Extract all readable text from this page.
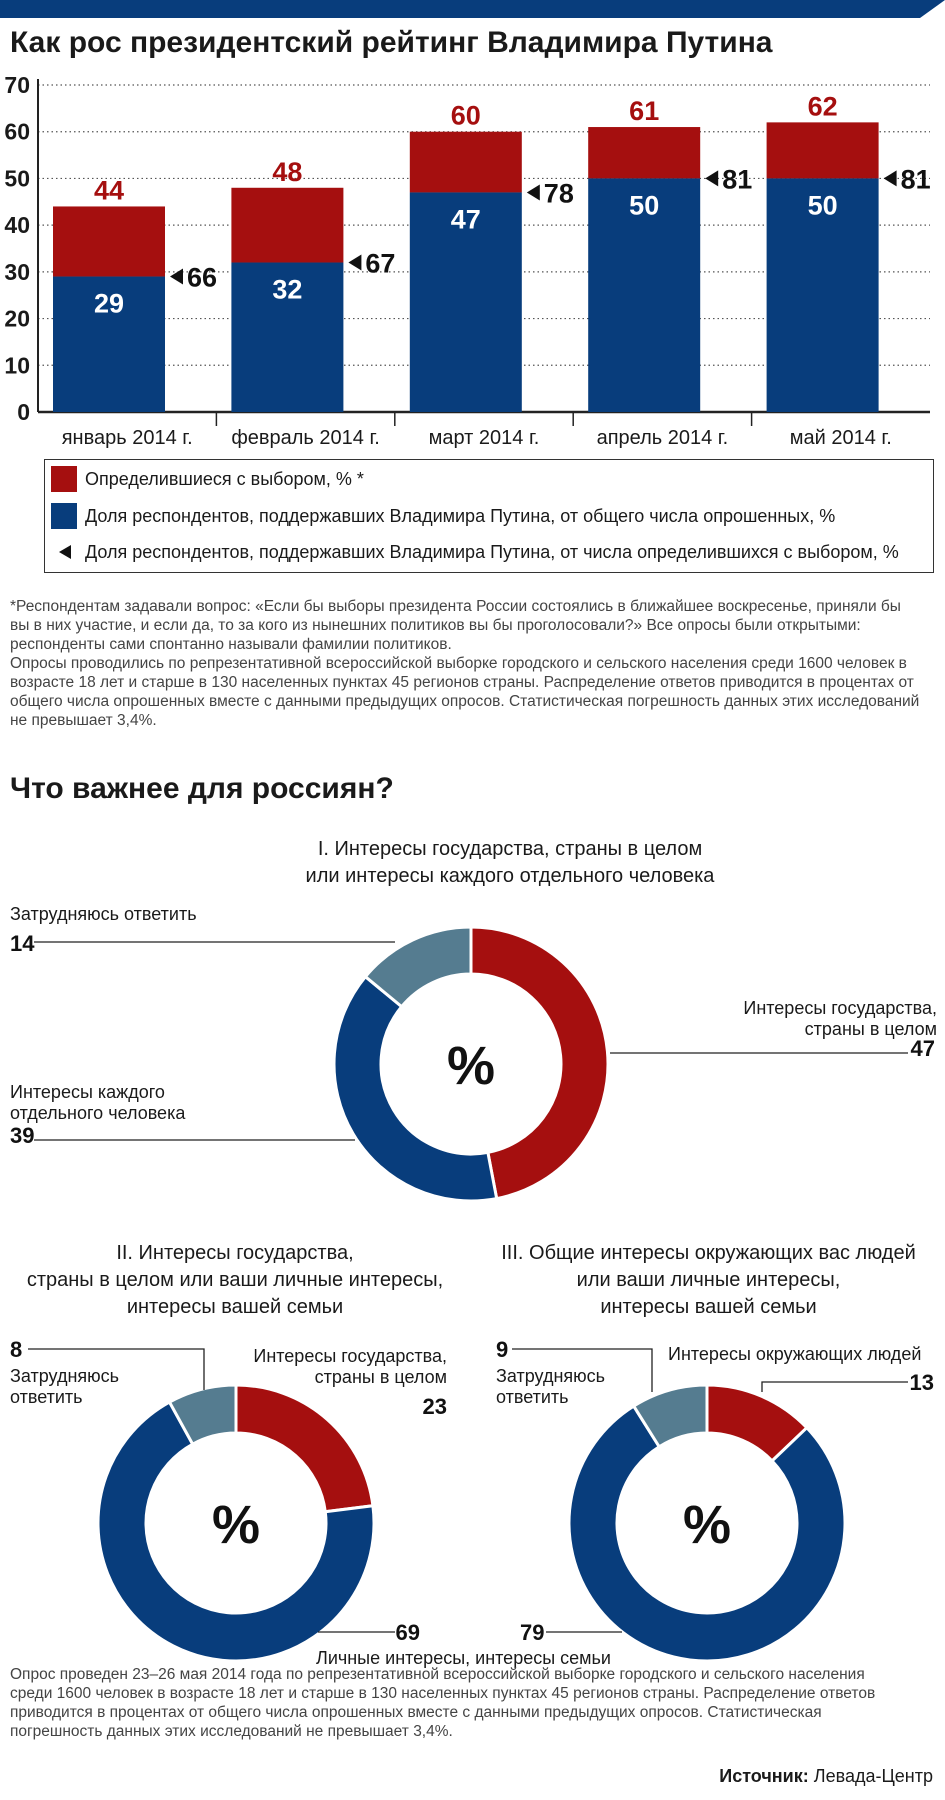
Как рос президентский рейтинг Владимира Путина
0
10
20
30
40
50
60
70
44
29
66
январь 2014 г.
48
32
67
февраль 2014 г.
60
47
78
март 2014 г.
61
50
81
апрель 2014 г.
62
50
81
май 2014 г.
Определившиеся с выбором, % *
Доля респондентов, поддержавших Владимира Путина, от общего числа опрошенных, %
Доля респондентов, поддержавших Владимира Путина, от числа определившихся с выбором, %

*Респондентам задавали вопрос: «Если бы выборы президента России состоялись в ближайшее воскресенье, приняли бы вы в них участие, и если да, то за кого из нынешних политиков вы бы проголосовали?» Все опросы были открытыми: респонденты сами спонтанно называли фамилии политиков.

Опросы проводились по репрезентативной всероссийской выборке городского и сельского населения среди 1600 человек в возрасте 18 лет и старше в 130 населенных пунктах 45 регионов страны. Распределение ответов приводится в процентах от общего числа опрошенных вместе с данными предыдущих опросов. Статистическая погрешность данных этих исследований не превышает 3,4%.

Что важнее для россиян?
I. Интересы государства, страны в целом
или интересы каждого отдельного человека
%
14
47
39
Затрудняюсь ответить
Интересы государства,
страны в целом
Интересы каждого
отдельного человека
II. Интересы государства,
страны в целом или ваши личные интересы,
интересы вашей семьи
%
8
23
69
Затрудняюсь
ответить
Интересы государства,
страны в целом
III. Общие интересы окружающих вас людей
или ваши личные интересы,
интересы вашей семьи
%
9
13
79
Затрудняюсь
ответить
Интересы окружающих людей
Личные интересы, интересы семьи
Опрос проведен 23–26 мая 2014 года по репрезентативной всероссийской выборке городского и сельского населения среди 1600 человек в возрасте 18 лет и старше в 130 населенных пунктах 45 регионов страны. Распределение ответов приводится в процентах от общего числа опрошенных вместе с данными предыдущих опросов. Статистическая погрешность данных этих исследований не превышает 3,4%.
Источник: Левада-Центр
